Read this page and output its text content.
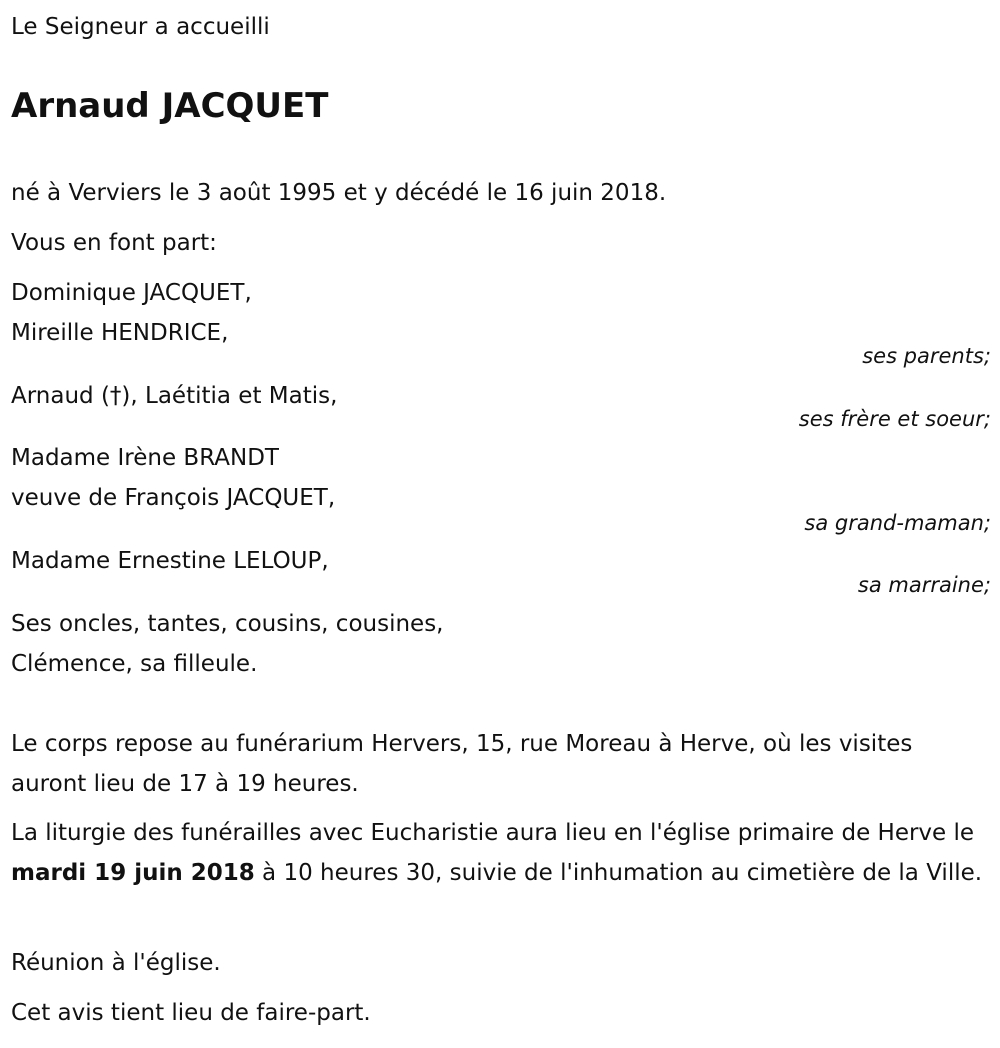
Le Seigneur a accueilli
Arnaud JACQUET
né à Verviers le 3 août 1995 et y décédé le 16 juin 2018.
Vous en font part:
Dominique JACQUET,
Mireille HENDRICE,
ses parents;
Arnaud (†), Laétitia et Matis,
ses frère et soeur;
Madame Irène BRANDT
veuve de François JACQUET,
sa grand-maman;
Madame Ernestine LELOUP,
sa marraine;
Ses oncles, tantes, cousins, cousines,
Clémence, sa filleule.
Le corps repose au funérarium Hervers, 15, rue Moreau à Herve, où les visites auront lieu de 17 à 19 heures.
La liturgie des funérailles avec Eucharistie aura lieu en l'église primaire de Herve le mardi 19 juin 2018 à 10 heures 30, suivie de l'inhumation au cimetière de la Ville.
Réunion à l'église.
Cet avis tient lieu de faire-part.
